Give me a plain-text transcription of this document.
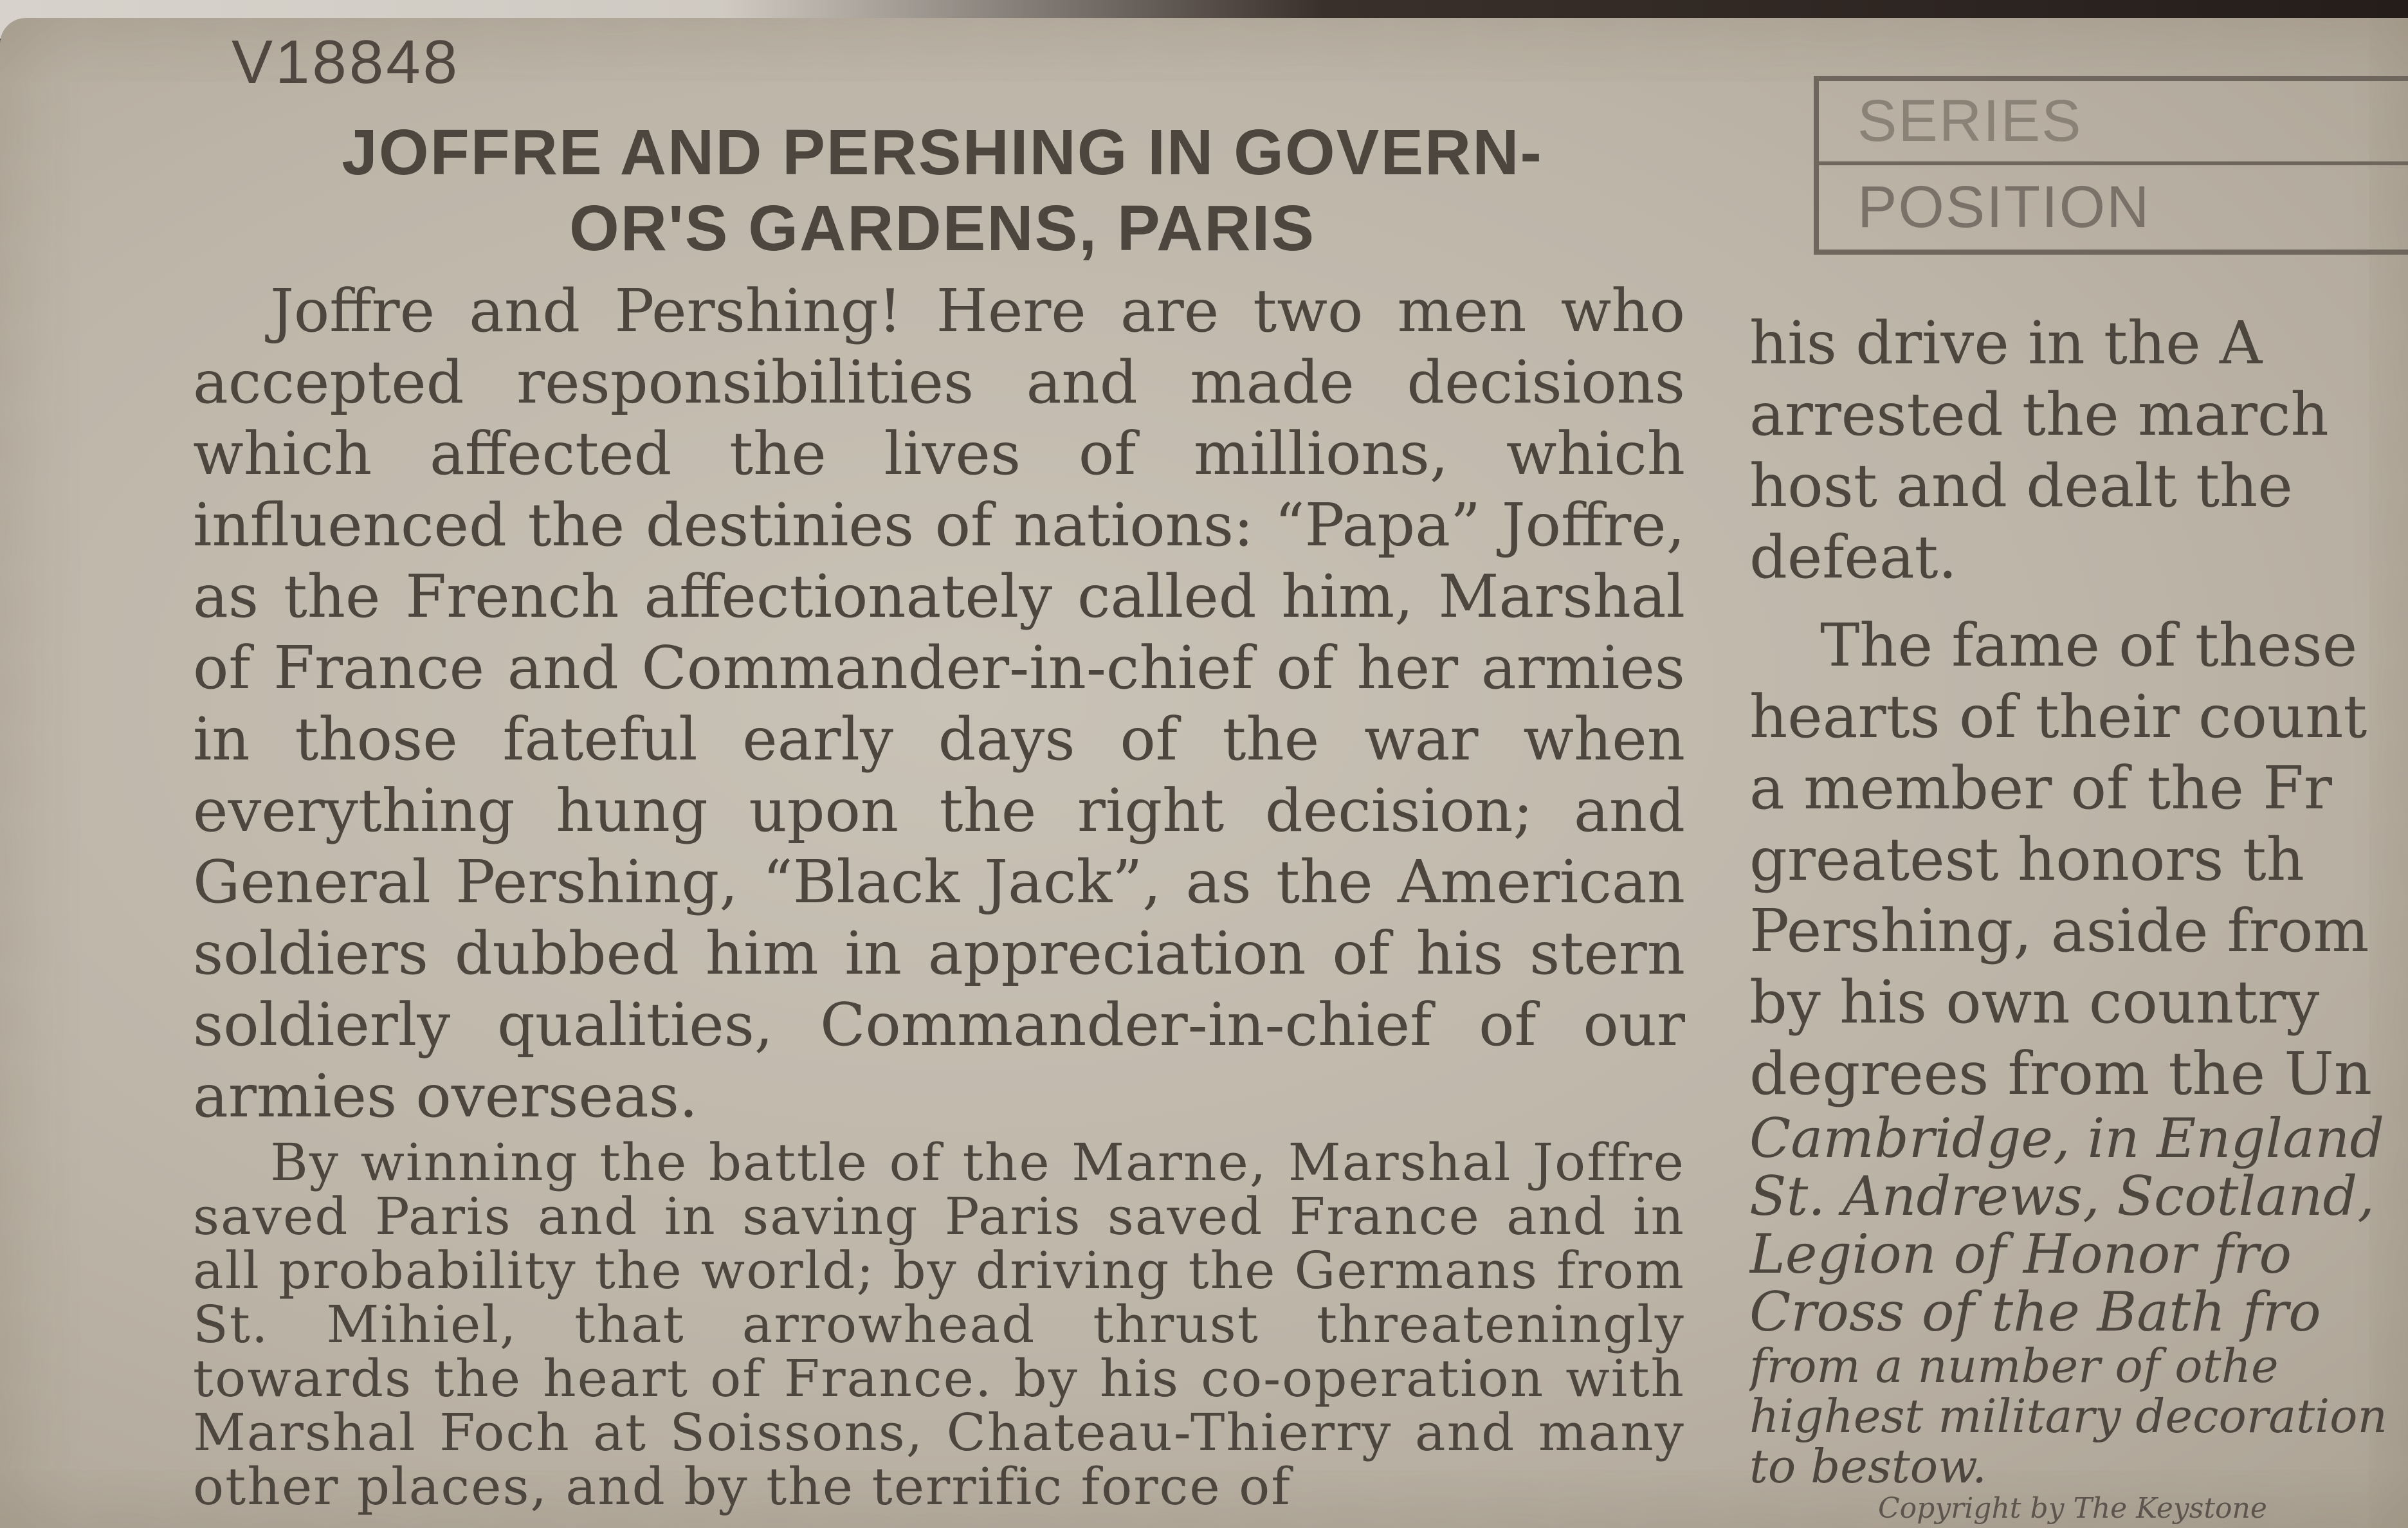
V18848
JOFFRE AND PERSHING IN GOVERN-
OR'S GARDENS, PARIS

Joffre and Pershing! Here are two men who accepted responsibilities and made decisions which affected the lives of millions, which influenced the destinies of nations: “Papa” Joffre, as the French affectionately called him, Marshal of France and Commander-in-chief of her armies in those fateful early days of the war when everything hung upon the right decision; and General Pershing, “Black Jack”, as the American soldiers dubbed him in appreciation of his stern soldierly qualities, Commander-in-chief of our armies overseas.

By winning the battle of the Marne, Marshal Joffre saved Paris and in saving Paris saved France and in all probability the world; by driving the Germans from St. Mihiel, that arrowhead thrust threateningly towards the heart of France. by his co-operation with Marshal Foch at Soissons, Chateau-Thierry and many other places, and by the terrific force of

SERIES
POSITION
his drive in the A
arrested the march
host and dealt the
defeat.
The fame of these
hearts of their count
a member of the Fr
greatest honors th
Pershing, aside from
by his own country
degrees from the Un
Cambridge, in England
St. Andrews, Scotland,
Legion of Honor fro
Cross of the Bath fro
from a number of othe
highest military decoration
to bestow.
Copyright by The Keystone
